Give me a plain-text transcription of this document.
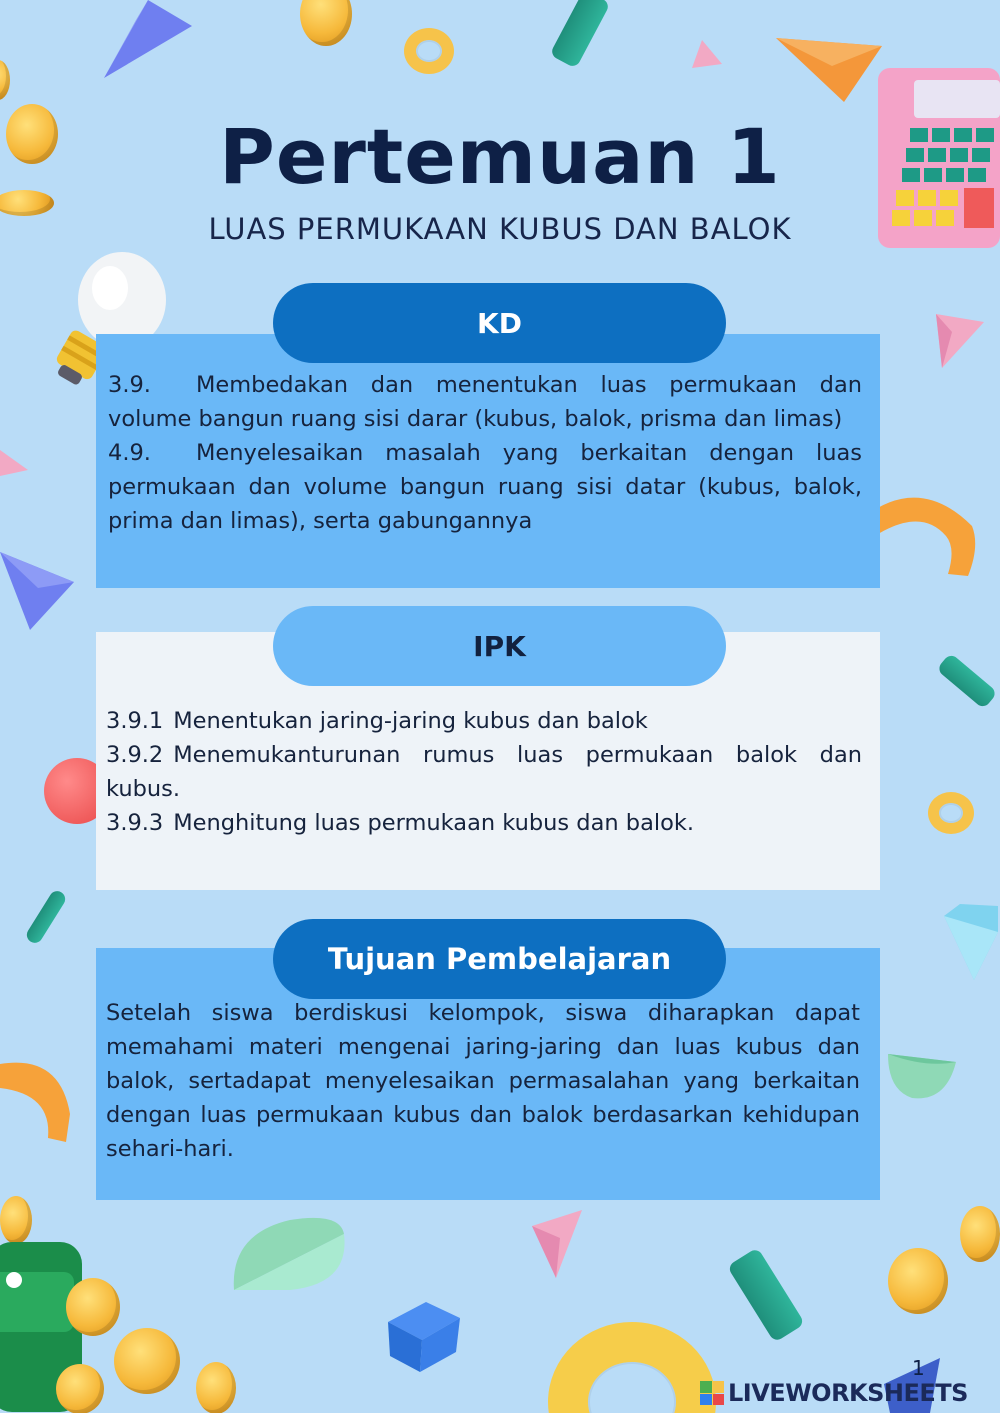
Pertemuan 1
LUAS PERMUKAAN KUBUS DAN BALOK
3.9. Membedakan dan menentukan luas permukaan dan volume bangun ruang sisi darar (kubus, balok, prisma dan limas)
4.9. Menyelesaikan masalah yang berkaitan dengan luas permukaan dan volume bangun ruang sisi datar (kubus, balok, prima dan limas), serta gabungannya
KD
3.9.1 Menentukan jaring-jaring kubus dan balok
3.9.2 Menemukanturunan rumus luas permukaan balok dan kubus.
3.9.3 Menghitung luas permukaan kubus dan balok.
IPK
Setelah siswa berdiskusi kelompok, siswa diharapkan dapat memahami materi mengenai jaring-jaring dan luas kubus dan balok, sertadapat menyelesaikan permasalahan yang berkaitan dengan luas permukaan kubus dan balok berdasarkan kehidupan sehari-hari.
Tujuan Pembelajaran
1
LIVEWORKSHEETS
